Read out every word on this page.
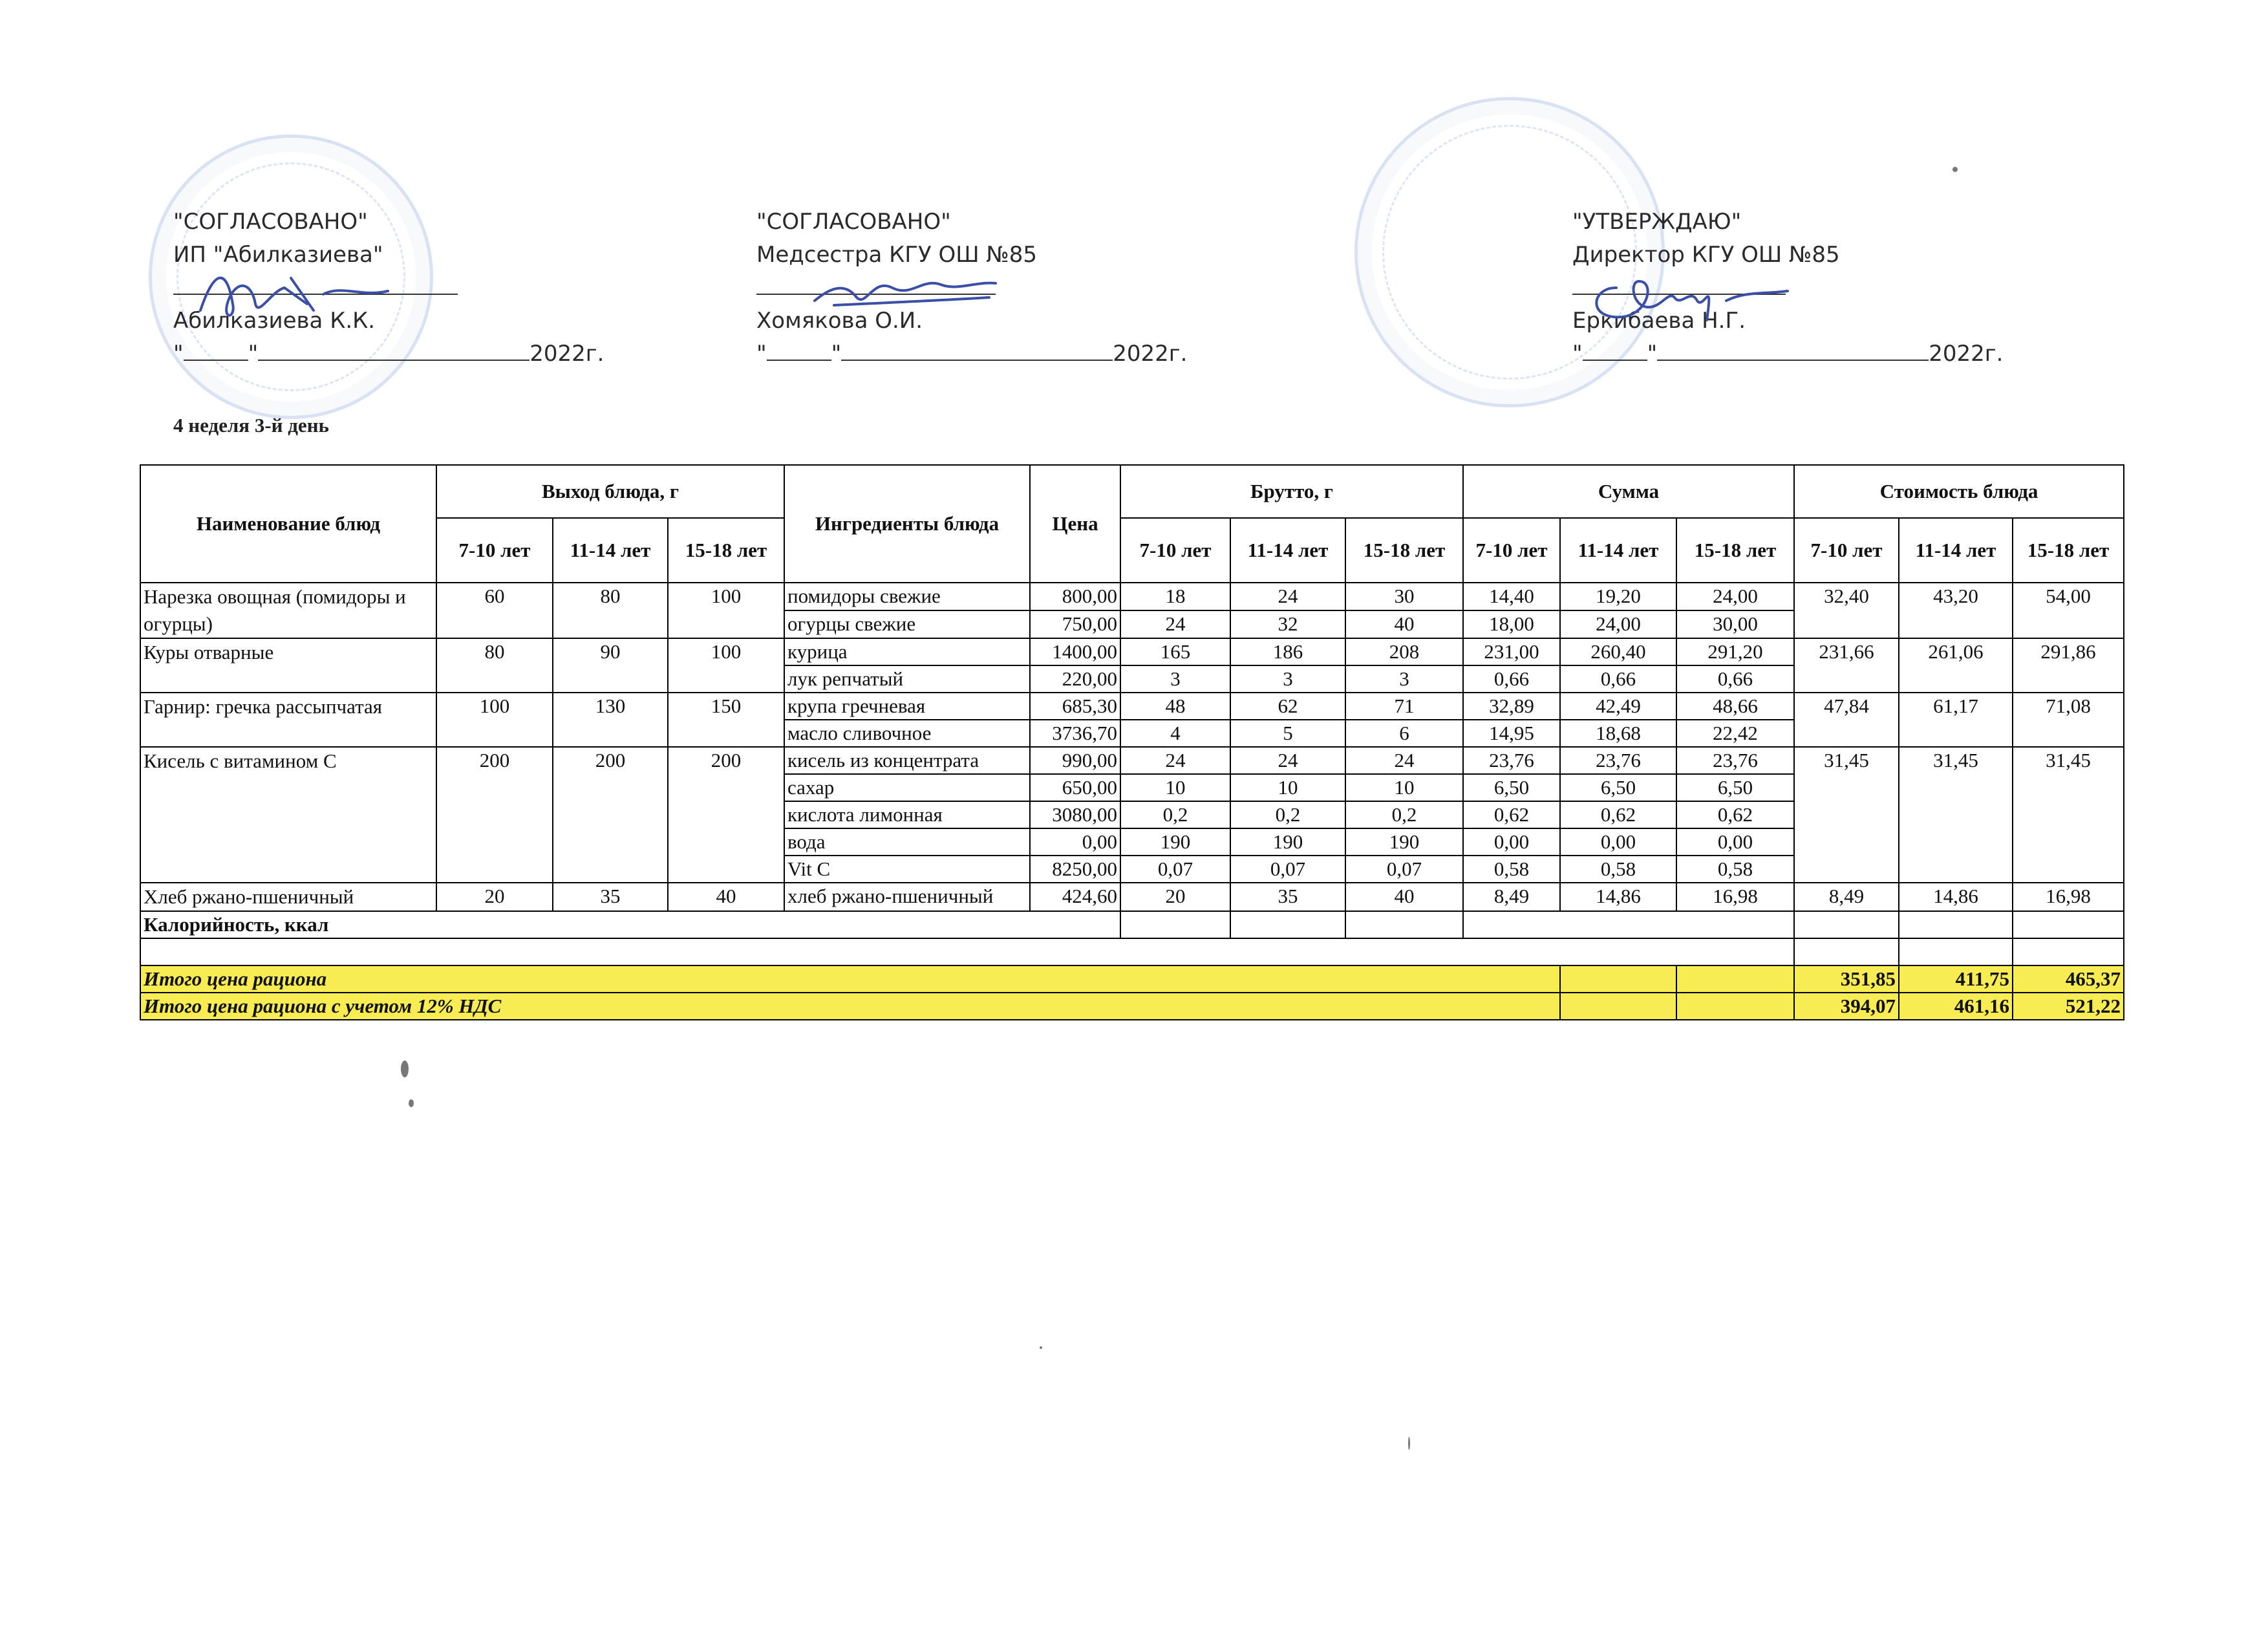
"СОГЛАСОВАНО"
ИП "Абилказиева"
Абилказиева К.К.
"	"	2022г.
"СОГЛАСОВАНО"
Медсестра КГУ ОШ №85
Хомякова О.И.
"	"	2022г.
"УТВЕРЖДАЮ"
Директор КГУ ОШ №85
Еркибаева Н.Г.
"	"	2022г.
4 неделя 3-й день
Наименование блюд	Выход блюда, г			Ингредиенты блюда	Цена	Брутто, г			Сумма			Стоимость блюда		
	7-10 лет	11-14 лет	15-18 лет			7-10 лет	11-14 лет	15-18 лет	7-10 лет	11-14 лет	15-18 лет	7-10 лет	11-14 лет	15-18 лет
Нарезка овощная (помидоры и огурцы)	60	80	100	помидоры свежие	800,00	18	24	30	14,40	19,20	24,00	32,40	43,20	54,00
				огурцы свежие	750,00	24	32	40	18,00	24,00	30,00			
Куры отварные	80	90	100	курица	1400,00	165	186	208	231,00	260,40	291,20	231,66	261,06	291,86
				лук репчатый	220,00	3	3	3	0,66	0,66	0,66			
Гарнир: гречка рассыпчатая	100	130	150	крупа гречневая	685,30	48	62	71	32,89	42,49	48,66	47,84	61,17	71,08
				масло сливочное	3736,70	4	5	6	14,95	18,68	22,42			
Кисель с витамином С	200	200	200	кисель из концентрата	990,00	24	24	24	23,76	23,76	23,76	31,45	31,45	31,45
				сахар	650,00	10	10	10	6,50	6,50	6,50			
				кислота лимонная	3080,00	0,2	0,2	0,2	0,62	0,62	0,62			
				вода	0,00	190	190	190	0,00	0,00	0,00			
				Vit C	8250,00	0,07	0,07	0,07	0,58	0,58	0,58			
Хлеб ржано-пшеничный	20	35	40	хлеб ржано-пшеничный	424,60	20	35	40	8,49	14,86	16,98	8,49	14,86	16,98
Калорийность, ккал														

Итого цена рациона												351,85	411,75	465,37
Итого цена рациона с учетом 12% НДС												394,07	461,16	521,22
